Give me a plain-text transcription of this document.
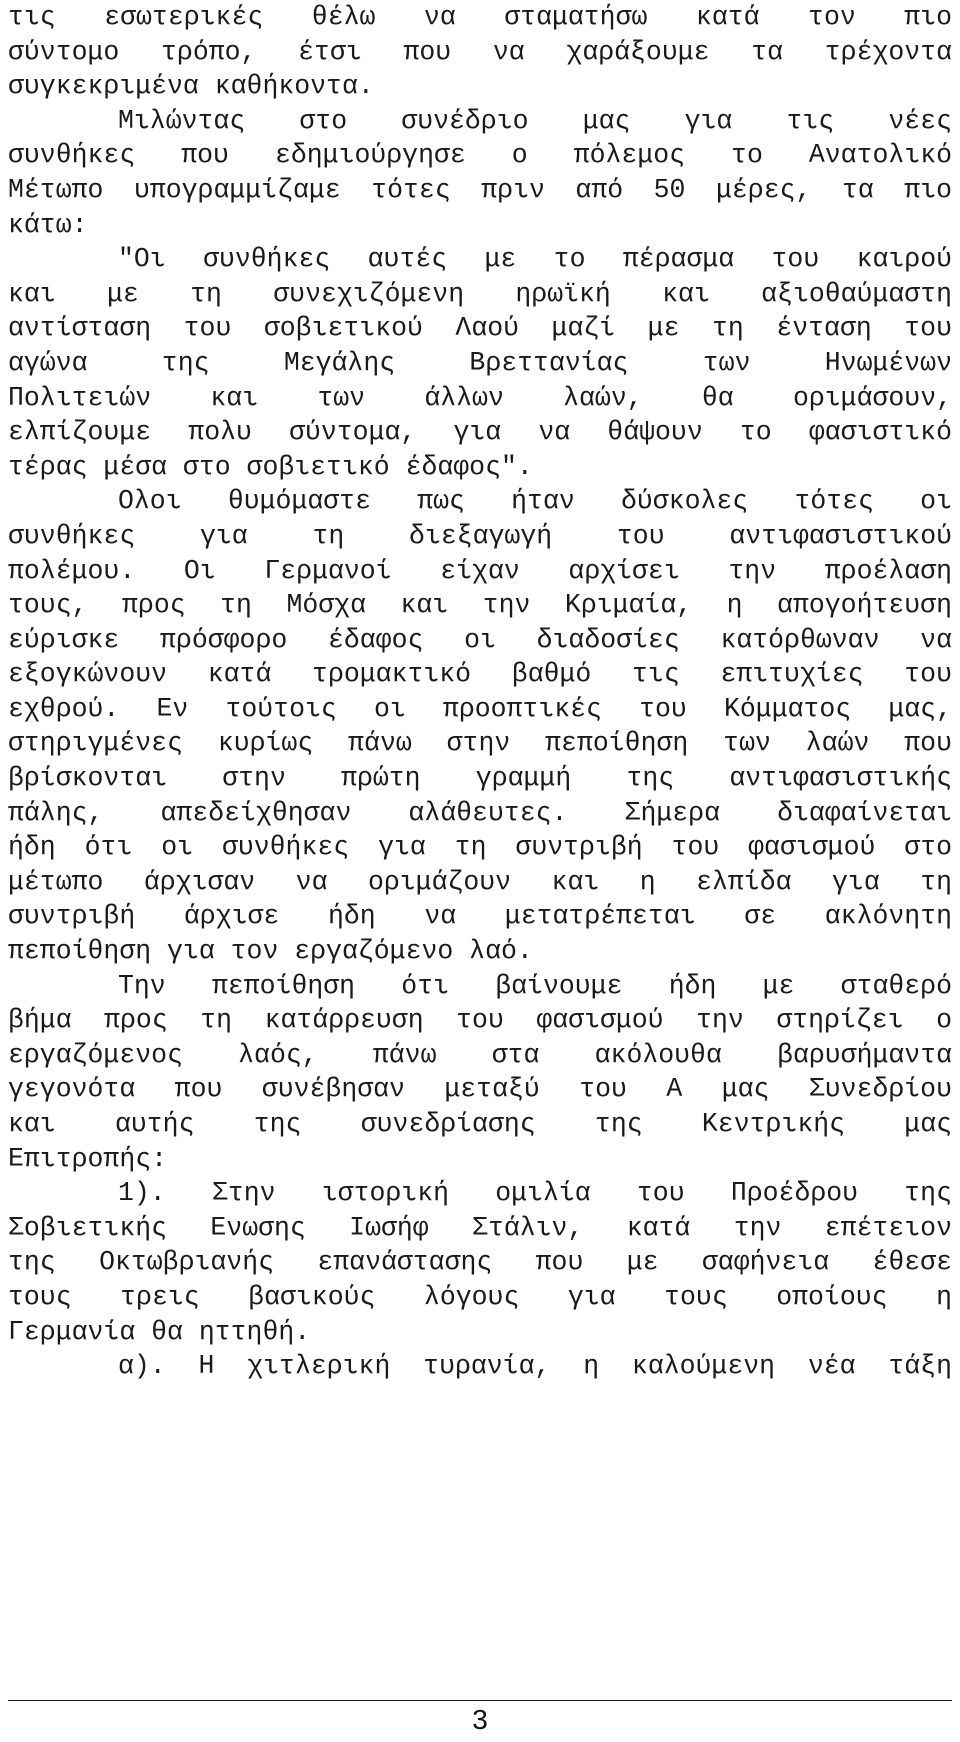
τις εσωτερικές θέλω να σταματήσω κατά τον πιο
σύντομο τρόπο, έτσι που να χαράξουμε τα τρέχοντα
συγκεκριμένα καθήκοντα.
Μιλώντας στο συνέδριο μας για τις νέες
συνθήκες που εδημιούργησε ο πόλεμος το Ανατολικό
Μέτωπο υπογραμμίζαμε τότες πριν από 50 μέρες, τα πιο
κάτω:
"Οι συνθήκες αυτές με το πέρασμα του καιρού
και με τη συνεχιζόμενη ηρωϊκή και αξιοθαύμαστη
αντίσταση του σοβιετικού Λαού μαζί με τη ένταση του
αγώνα της Μεγάλης Βρεττανίας των Ηνωμένων
Πολιτειών και των άλλων λαών, θα οριμάσουν,
ελπίζουμε πολυ σύντομα, για να θάψουν το φασιστικό
τέρας μέσα στο σοβιετικό έδαφος".
Ολοι θυμόμαστε πως ήταν δύσκολες τότες οι
συνθήκες για τη διεξαγωγή του αντιφασιστικού
πολέμου. Οι Γερμανοί είχαν αρχίσει την προέλαση
τους, προς τη Μόσχα και την Κριμαία, η απογοήτευση
εύρισκε πρόσφορο έδαφος οι διαδοσίες κατόρθωναν να
εξογκώνουν κατά τρομακτικό βαθμό τις επιτυχίες του
εχθρού. Εν τούτοις οι προοπτικές του Κόμματος μας,
στηριγμένες κυρίως πάνω στην πεποίθηση των λαών που
βρίσκονται στην πρώτη γραμμή της αντιφασιστικής
πάλης, απεδείχθησαν αλάθευτες. Σήμερα διαφαίνεται
ήδη ότι οι συνθήκες για τη συντριβή του φασισμού στο
μέτωπο άρχισαν να οριμάζουν και η ελπίδα για τη
συντριβή άρχισε ήδη να μετατρέπεται σε ακλόνητη
πεποίθηση για τον εργαζόμενο λαό.
Την πεποίθηση ότι βαίνουμε ήδη με σταθερό
βήμα προς τη κατάρρευση του φασισμού την στηρίζει ο
εργαζόμενος λαός, πάνω στα ακόλουθα βαρυσήμαντα
γεγονότα που συνέβησαν μεταξύ του Α μας Συνεδρίου
και αυτής της συνεδρίασης της Κεντρικής μας
Επιτροπής:
1). Στην ιστορική ομιλία του Προέδρου της
Σοβιετικής Ενωσης Ιωσήφ Στάλιν, κατά την επέτειον
της Οκτωβριανής επανάστασης που με σαφήνεια έθεσε
τους τρεις βασικούς λόγους για τους οποίους η
Γερμανία θα ηττηθή.
α). Η χιτλερική τυρανία, η καλούμενη νέα τάξη
3
